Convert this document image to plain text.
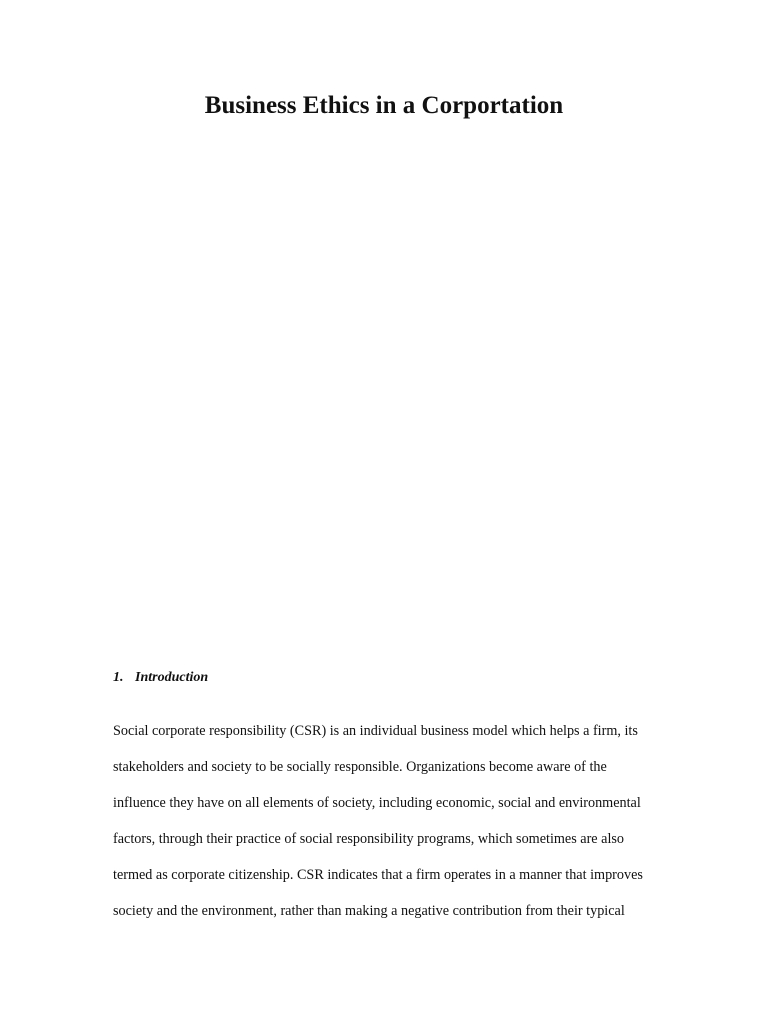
Business Ethics in a Corportation
1. Introduction
Social corporate responsibility (CSR) is an individual business model which helps a firm, its
stakeholders and society to be socially responsible. Organizations become aware of the
influence they have on all elements of society, including economic, social and environmental
factors, through their practice of social responsibility programs, which sometimes are also
termed as corporate citizenship. CSR indicates that a firm operates in a manner that improves
society and the environment, rather than making a negative contribution from their typical
